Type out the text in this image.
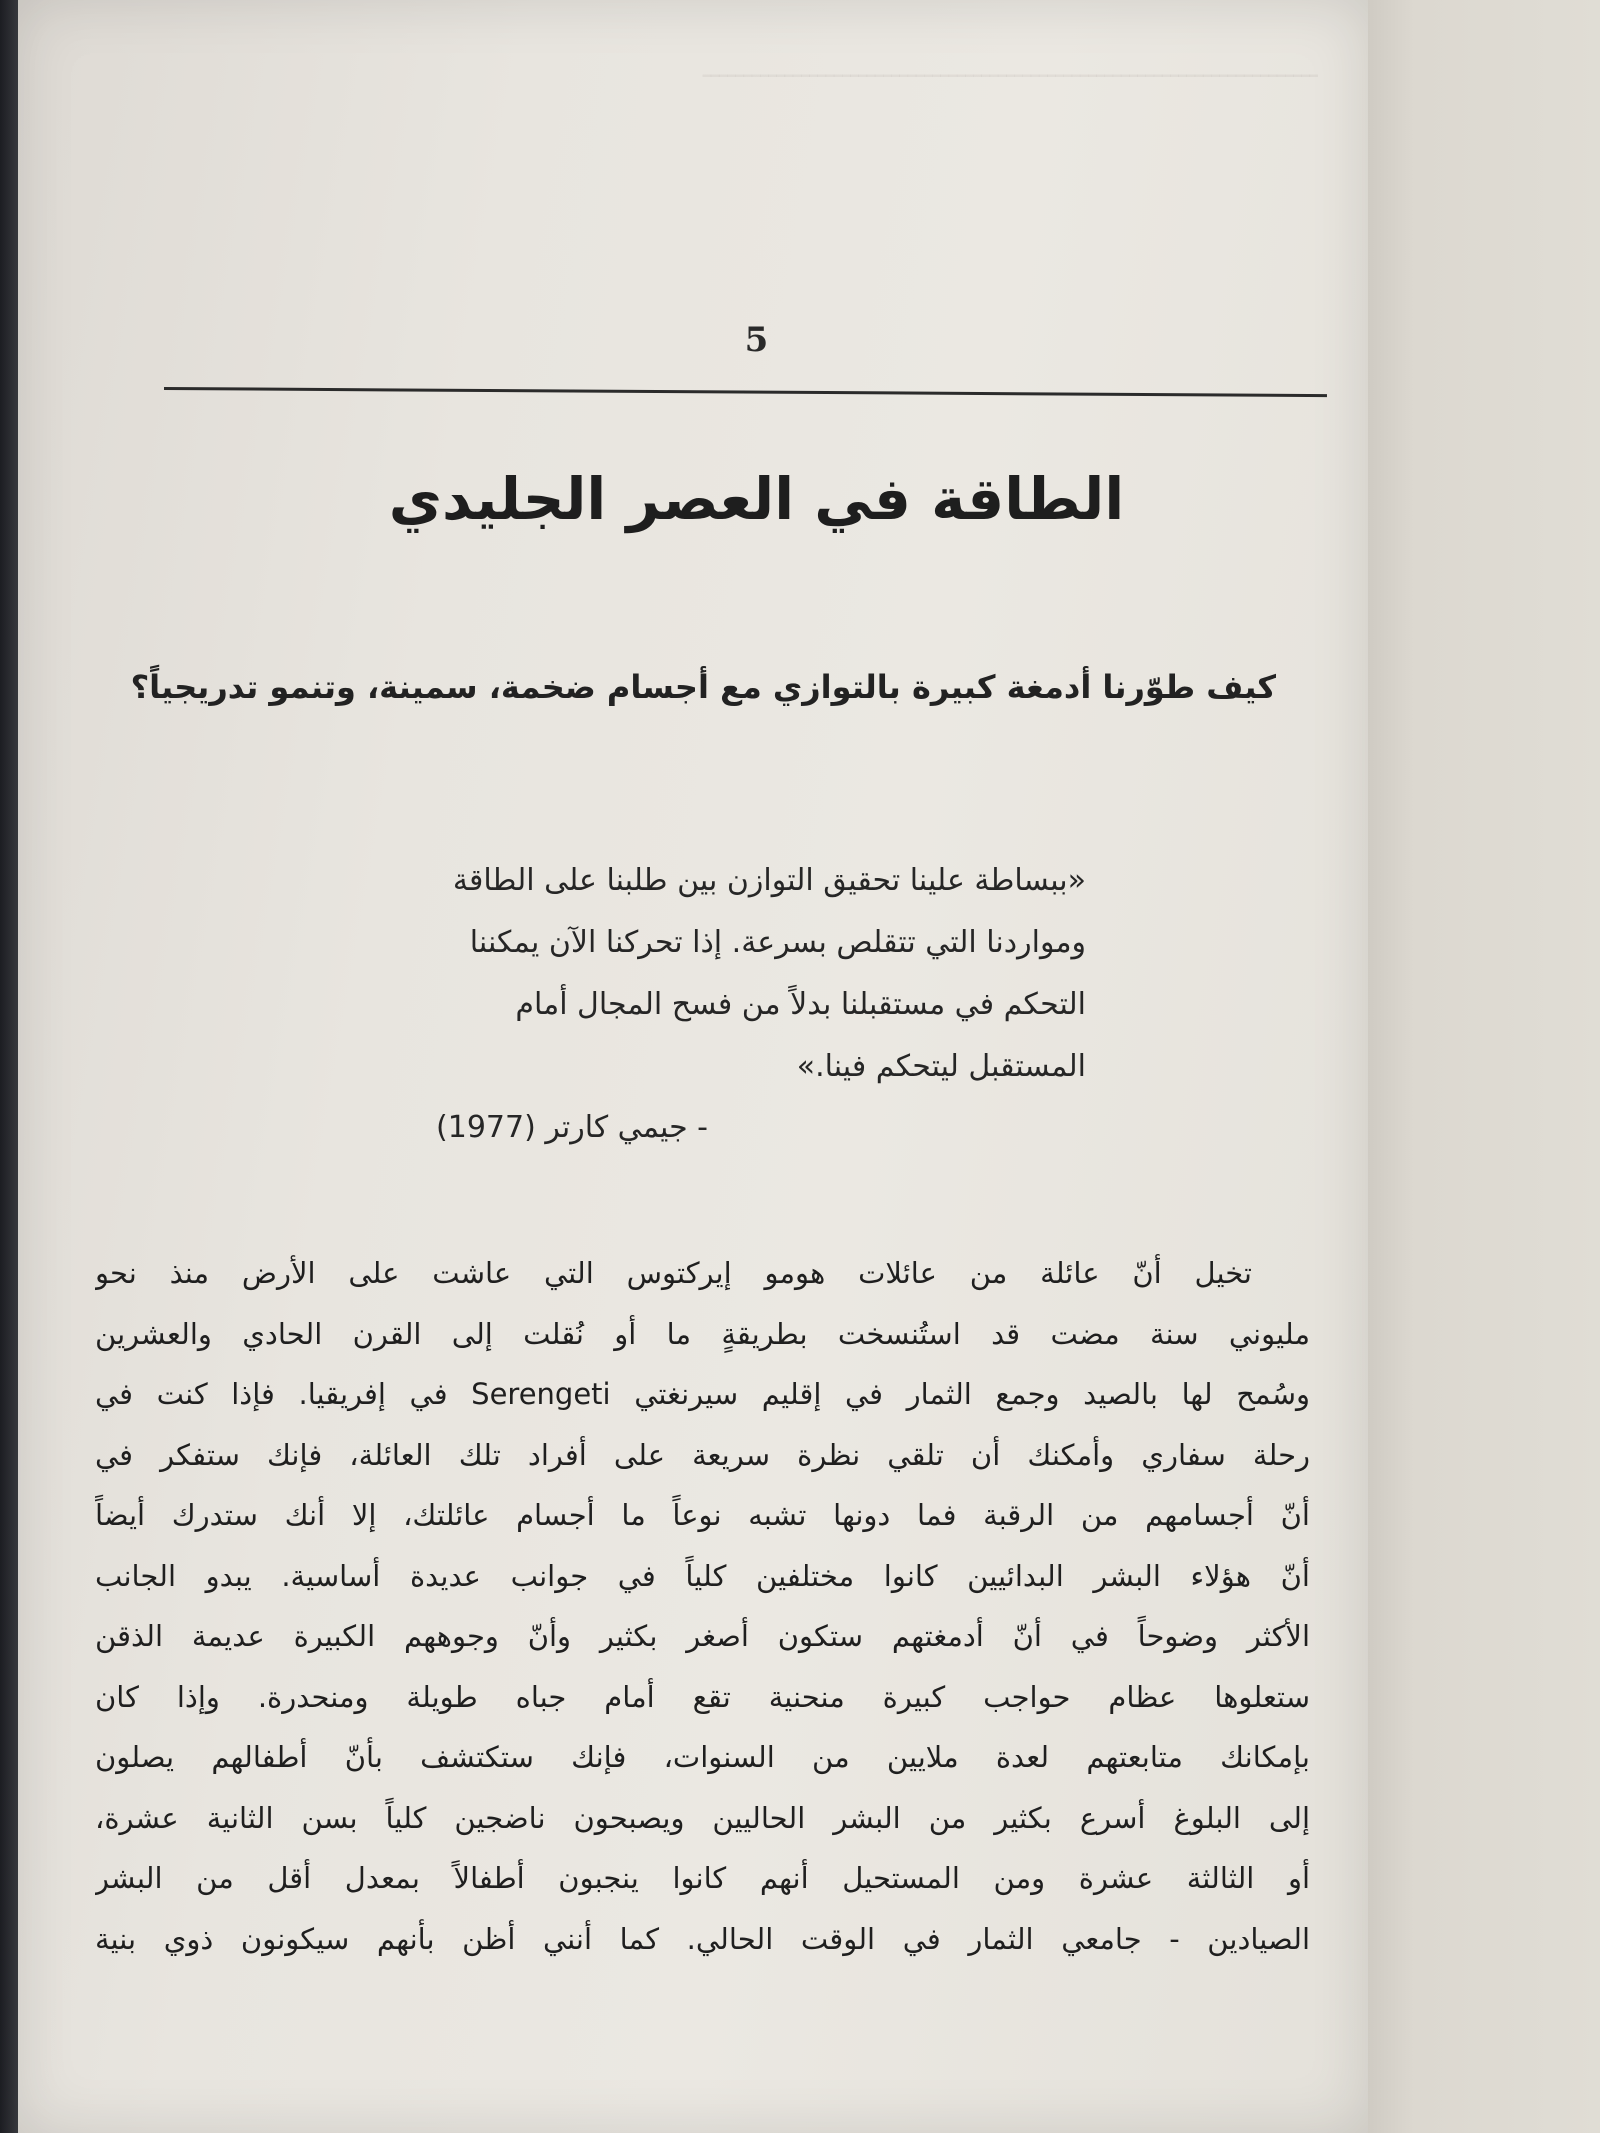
ـــــــــــــــــــــــــــــــــــــــــــــــــــــــــــــــــــــــــــ
5
الطاقة في العصر الجليدي
كيف طوّرنا أدمغة كبيرة بالتوازي مع أجسام ضخمة، سمينة، وتنمو تدريجياً؟
«ببساطة علينا تحقيق التوازن بين طلبنا على الطاقة
ومواردنا التي تتقلص بسرعة. إذا تحركنا الآن يمكننا
التحكم في مستقبلنا بدلاً من فسح المجال أمام
المستقبل ليتحكم فينا.»
- جيمي كارتر (1977)
تخيل أنّ عائلة من عائلات هومو إيركتوس التي عاشت على الأرض منذ نحو
مليوني سنة مضت قد استُنسخت بطريقةٍ ما أو نُقلت إلى القرن الحادي والعشرين
وسُمح لها بالصيد وجمع الثمار في إقليم سيرنغتي Serengeti في إفريقيا. فإذا كنت في
رحلة سفاري وأمكنك أن تلقي نظرة سريعة على أفراد تلك العائلة، فإنك ستفكر في
أنّ أجسامهم من الرقبة فما دونها تشبه نوعاً ما أجسام عائلتك، إلا أنك ستدرك أيضاً
أنّ هؤلاء البشر البدائيين كانوا مختلفين كلياً في جوانب عديدة أساسية. يبدو الجانب
الأكثر وضوحاً في أنّ أدمغتهم ستكون أصغر بكثير وأنّ وجوههم الكبيرة عديمة الذقن
ستعلوها عظام حواجب كبيرة منحنية تقع أمام جباه طويلة ومنحدرة. وإذا كان
بإمكانك متابعتهم لعدة ملايين من السنوات، فإنك ستكتشف بأنّ أطفالهم يصلون
إلى البلوغ أسرع بكثير من البشر الحاليين ويصبحون ناضجين كلياً بسن الثانية عشرة،
أو الثالثة عشرة ومن المستحيل أنهم كانوا ينجبون أطفالاً بمعدل أقل من البشر
الصيادين - جامعي الثمار في الوقت الحالي. كما أنني أظن بأنهم سيكونون ذوي بنية
